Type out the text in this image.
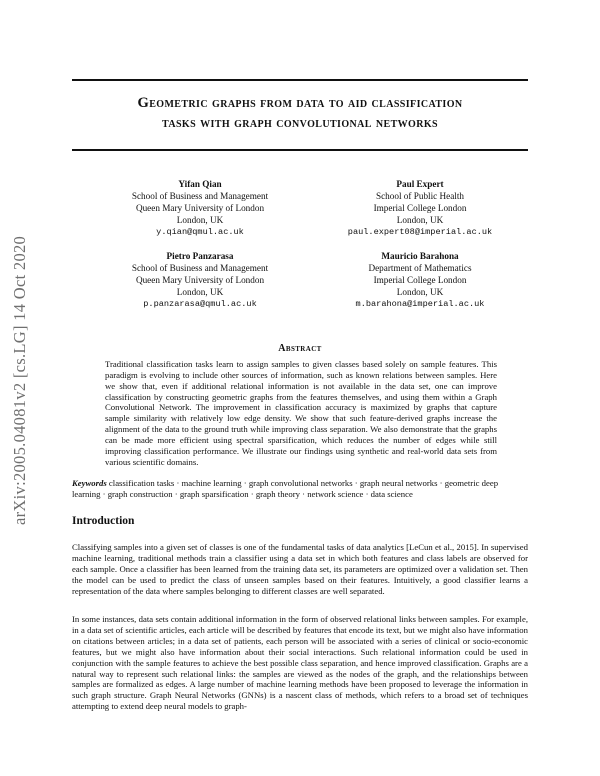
arXiv:2005.04081v2 [cs.LG] 14 Oct 2020
Geometric graphs from data to aid classification
tasks with graph convolutional networks
Yifan Qian
School of Business and Management
Queen Mary University of London
London, UK
y.qian@qmul.ac.uk
Paul Expert
School of Public Health
Imperial College London
London, UK
paul.expert08@imperial.ac.uk
Pietro Panzarasa
School of Business and Management
Queen Mary University of London
London, UK
p.panzarasa@qmul.ac.uk
Mauricio Barahona
Department of Mathematics
Imperial College London
London, UK
m.barahona@imperial.ac.uk
Abstract

Traditional classification tasks learn to assign samples to given classes based solely on sample features. This paradigm is evolving to include other sources of information, such as known relations between samples. Here we show that, even if additional relational information is not available in the data set, one can improve classification by constructing geometric graphs from the features themselves, and using them within a Graph Convolutional Network. The improvement in classification accuracy is maximized by graphs that capture sample similarity with relatively low edge density. We show that such feature-derived graphs increase the alignment of the data to the ground truth while improving class separation. We also demonstrate that the graphs can be made more efficient using spectral sparsification, which reduces the number of edges while still improving classification performance. We illustrate our findings using synthetic and real-world data sets from various scientific domains.

Keywords classification tasks · machine learning · graph convolutional networks · graph neural networks · geometric deep learning · graph construction · graph sparsification · graph theory · network science · data science

Introduction

Classifying samples into a given set of classes is one of the fundamental tasks of data analytics [LeCun et al., 2015]. In supervised machine learning, traditional methods train a classifier using a data set in which both features and class labels are observed for each sample. Once a classifier has been learned from the training data set, its parameters are optimized over a validation set. Then the model can be used to predict the class of unseen samples based on their features. Intuitively, a good classifier learns a representation of the data where samples belonging to different classes are well separated.

In some instances, data sets contain additional information in the form of observed relational links between samples. For example, in a data set of scientific articles, each article will be described by features that encode its text, but we might also have information on citations between articles; in a data set of patients, each person will be associated with a series of clinical or socio-economic features, but we might also have information about their social interactions. Such relational information could be used in conjunction with the sample features to achieve the best possible class separation, and hence improved classification. Graphs are a natural way to represent such relational links: the samples are viewed as the nodes of the graph, and the relationships between samples are formalized as edges. A large number of machine learning methods have been proposed to leverage the information in such graph structure. Graph Neural Networks (GNNs) is a nascent class of methods, which refers to a broad set of techniques attempting to extend deep neural models to graph-
